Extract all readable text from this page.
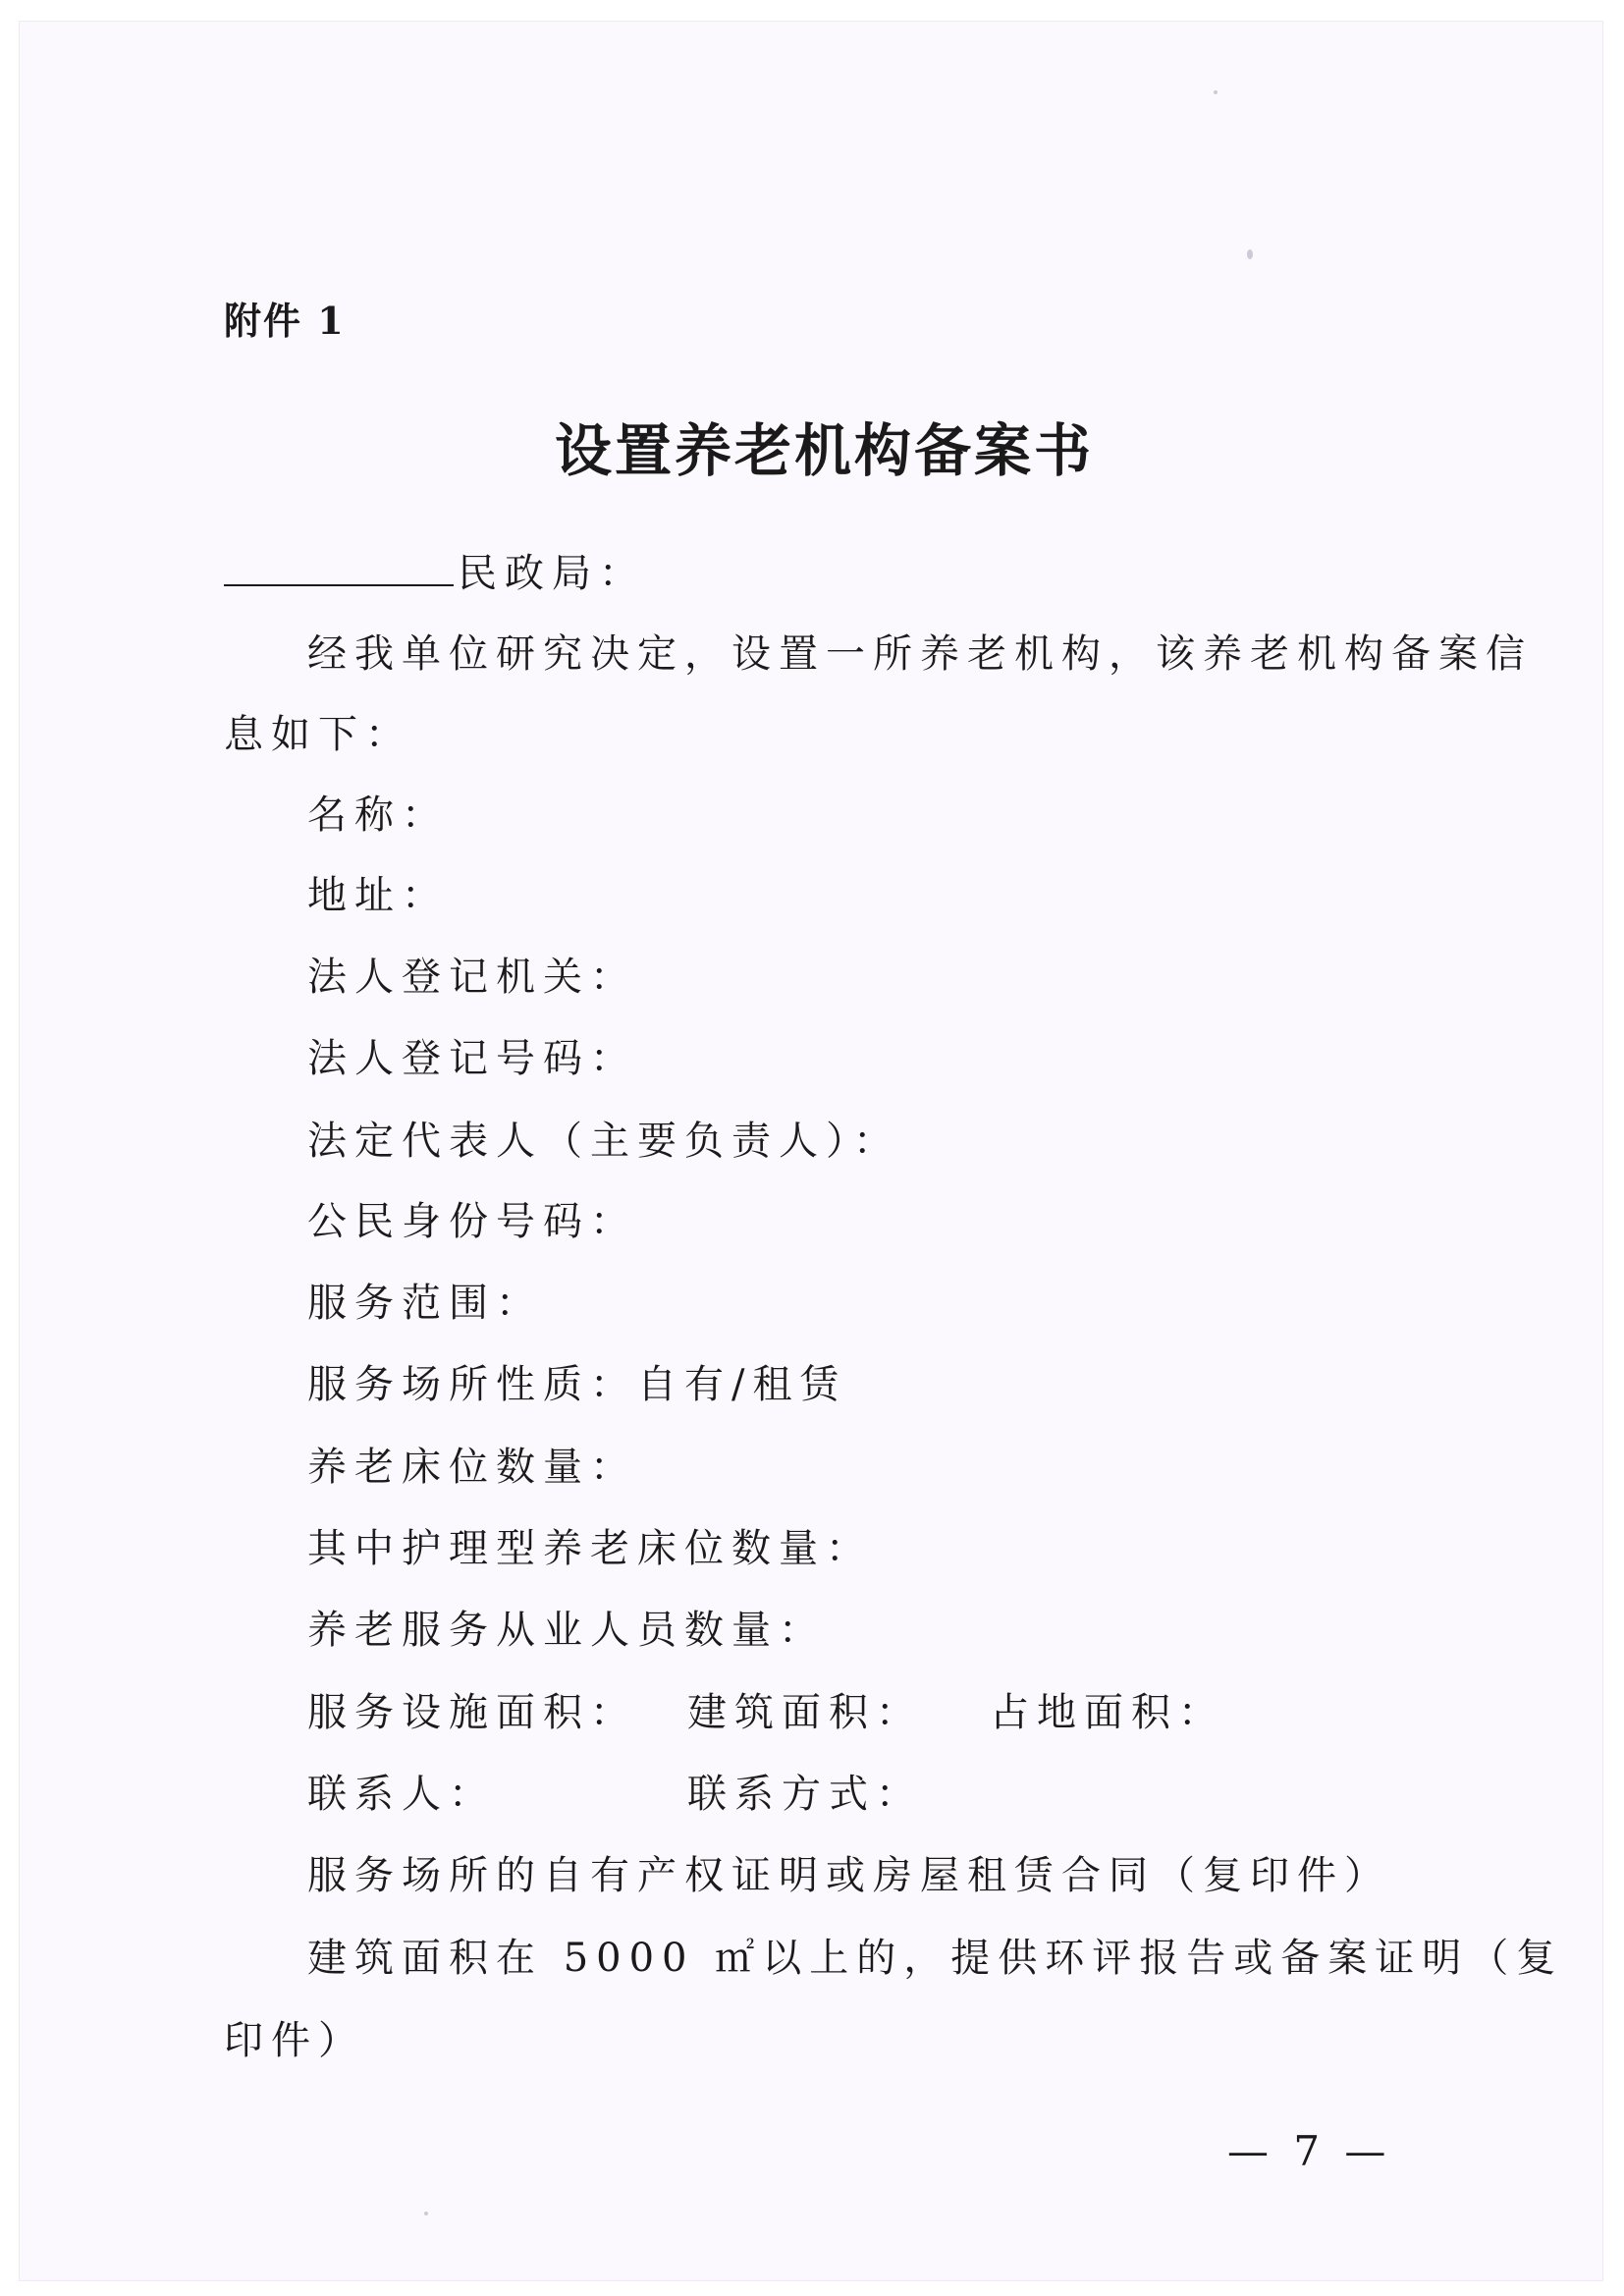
附件 1
设置养老机构备案书
民政局：
经我单位研究决定，设置一所养老机构，该养老机构备案信
息如下：
名称：
地址：
法人登记机关：
法人登记号码：
法定代表人（主要负责人）：
公民身份号码：
服务范围：
服务场所性质：自有/租赁
养老床位数量：
其中护理型养老床位数量：
养老服务从业人员数量：
服务设施面积： 建筑面积： 占地面积：
联系人：	联系方式：
服务场所的自有产权证明或房屋租赁合同（复印件）
建筑面积在 5000 ㎡以上的，提供环评报告或备案证明（复
印件）
— 7 —
